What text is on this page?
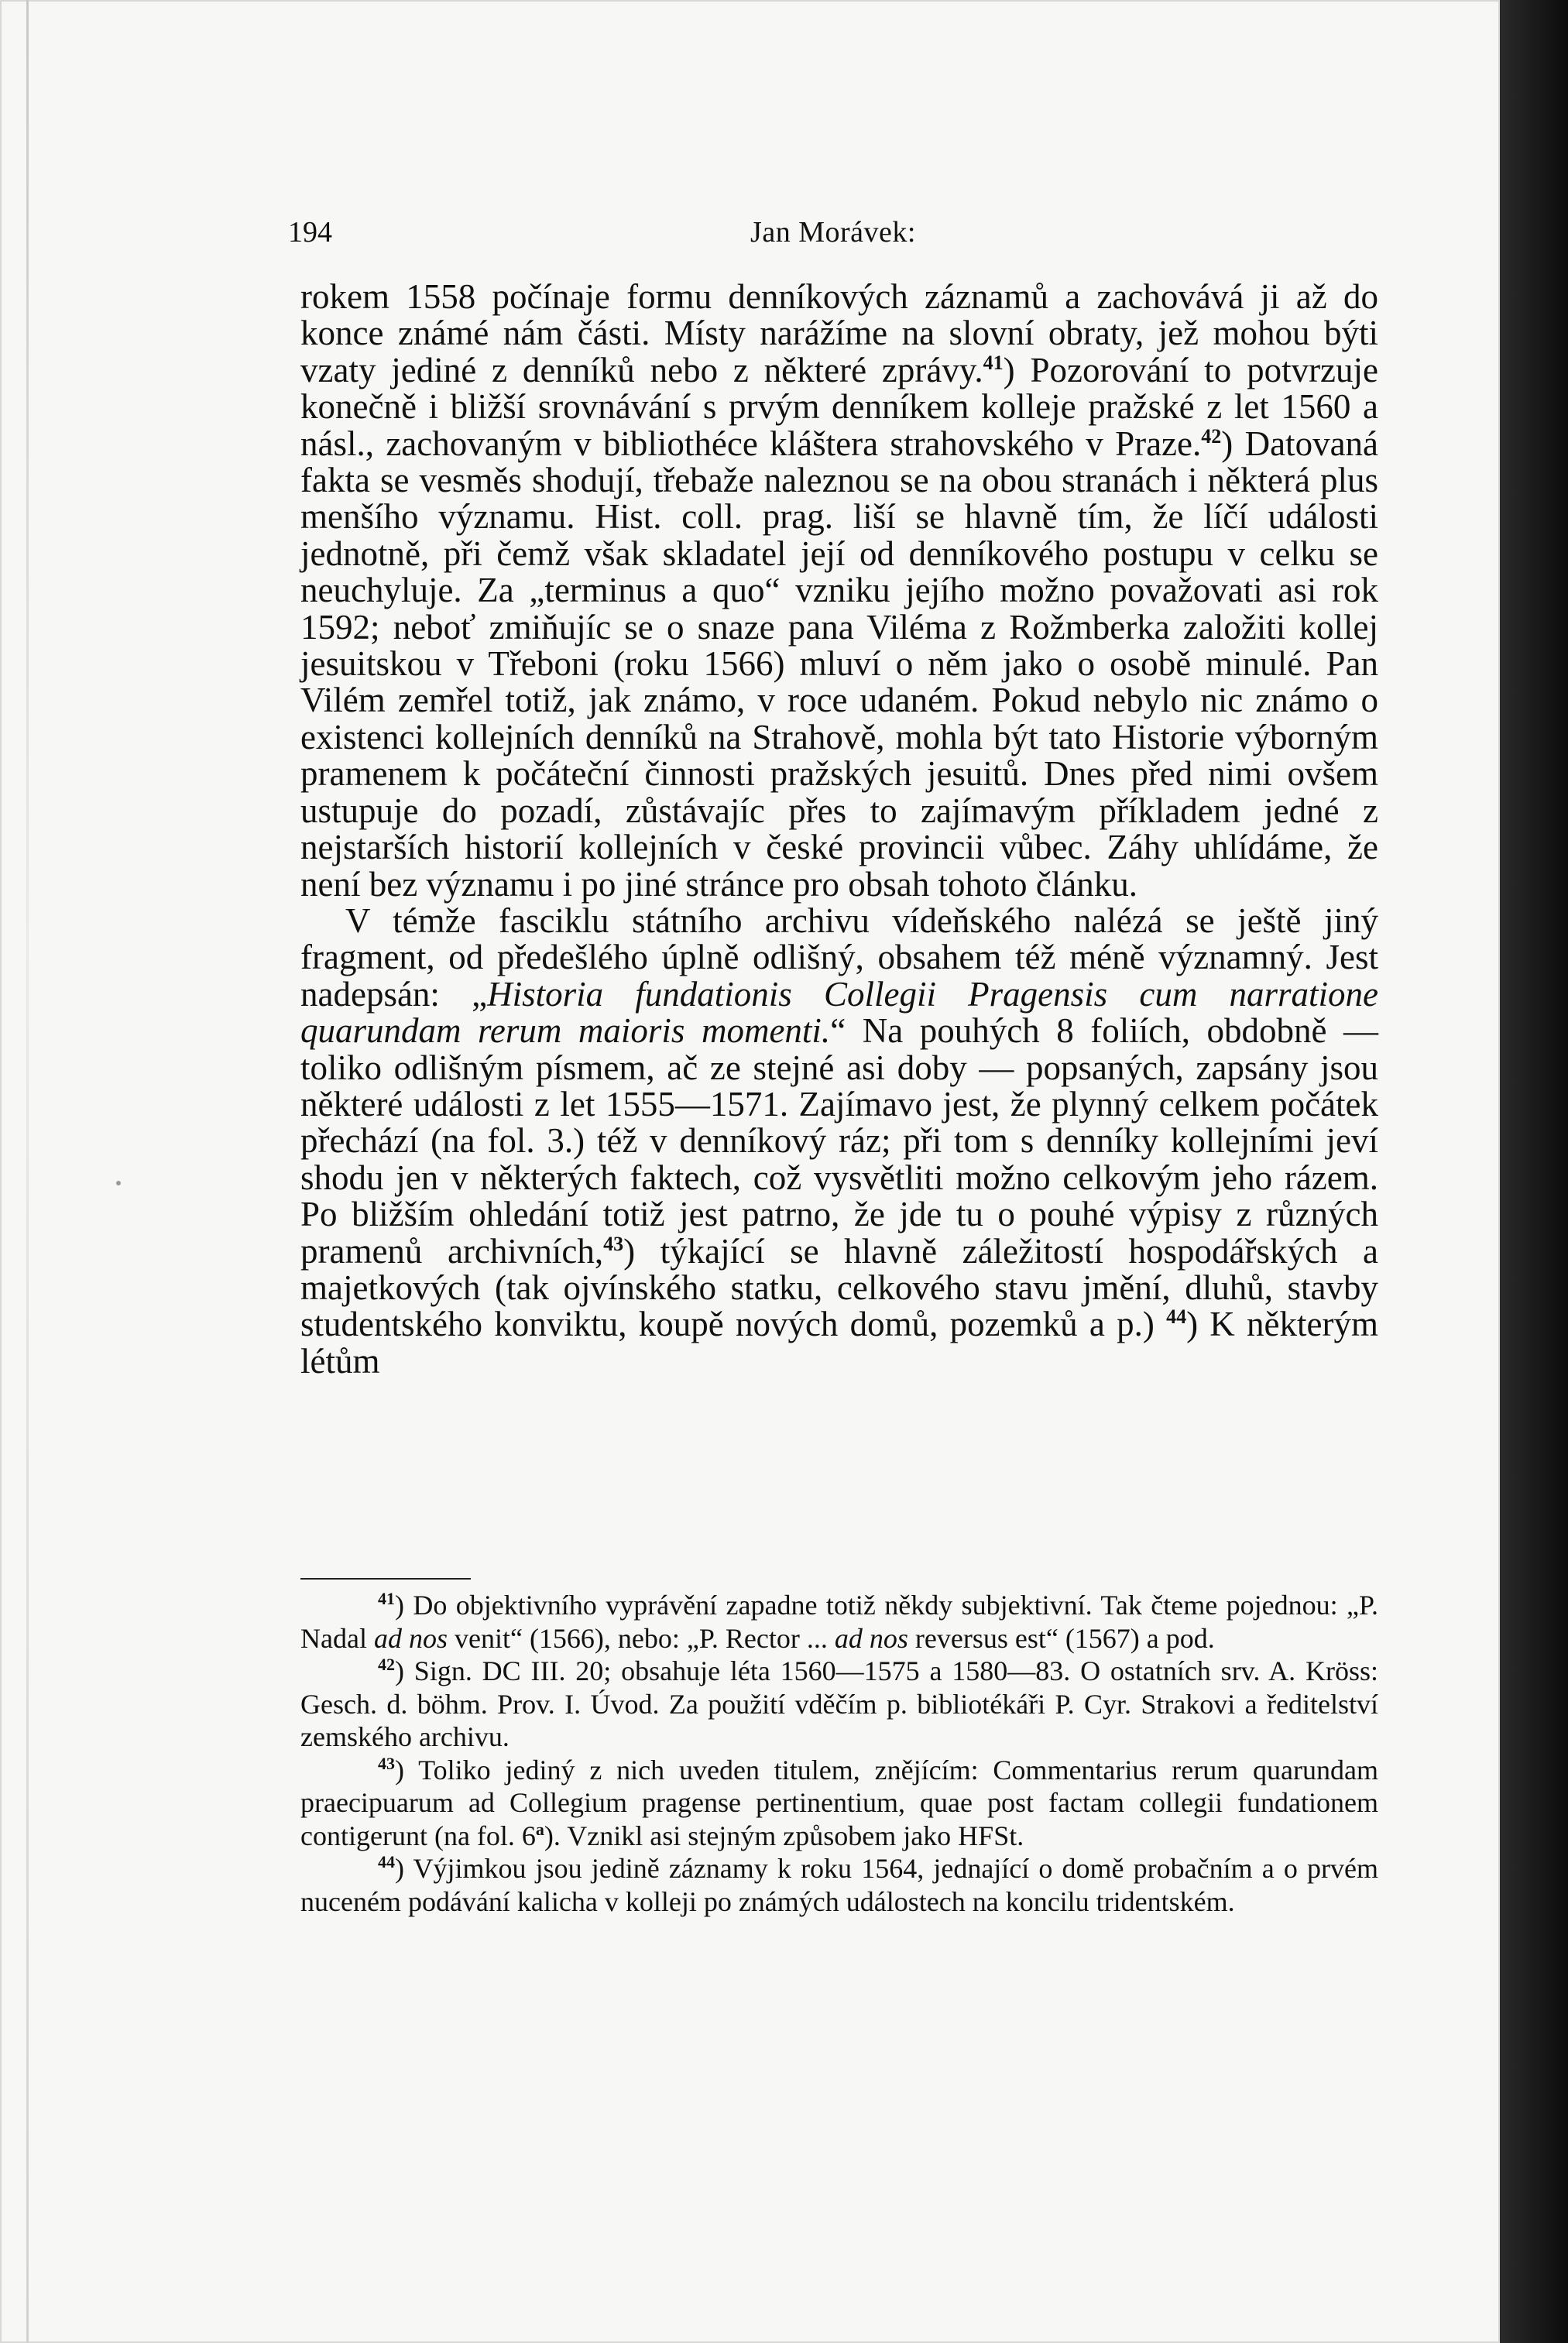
194	Jan Morávek:

rokem 1558 počínaje formu denníkových záznamů a zachovává ji až do konce známé nám části. Místy narážíme na slovní obraty, jež mohou býti vzaty jediné z denníků nebo z některé zprávy.$^{41}$) Pozorování to potvrzuje konečně i bližší srovnávání s prvým denníkem kolleje pražské z let 1560 a násl., zachovaným v bibliothéce kláštera strahovského v Praze.$^{42}$) Datovaná fakta se vesměs shodují, třebaže naleznou se na obou stranách i některá plus menšího významu. Hist. coll. prag. liší se hlavně tím, že líčí události jednotně, při čemž však skladatel její od denníkového postupu v celku se neuchyluje. Za „terminus a quo“ vzniku jejího možno považovati asi rok 1592; neboť zmiňujíc se o snaze pana Viléma z Rožmberka založiti kollej jesuitskou v Třeboni (roku 1566) mluví o něm jako o osobě minulé. Pan Vilém zemřel totiž, jak známo, v roce udaném. Pokud nebylo nic známo o existenci kollejních denníků na Strahově, mohla být tato Historie výborným pramenem k počáteční činnosti pražských jesuitů. Dnes před nimi ovšem ustupuje do pozadí, zůstávajíc přes to zajímavým příkladem jedné z nejstarších historií kollejních v české provincii vůbec. Záhy uhlídáme, že není bez významu i po jiné stránce pro obsah tohoto článku.

V témže fasciklu státního archivu vídeňského nalézá se ještě jiný fragment, od předešlého úplně odlišný, obsahem též méně významný. Jest nadepsán: „Historia fundationis Collegii Pragensis cum narratione quarundam rerum maioris momenti.“ Na pouhých 8 foliích, obdobně — toliko odlišným písmem, ač ze stejné asi doby — popsaných, zapsány jsou některé události z let 1555—1571. Zajímavo jest, že plynný celkem počátek přechází (na fol. 3.) též v denníkový ráz; při tom s denníky kollejními jeví shodu jen v některých faktech, což vysvětliti možno celkovým jeho rázem. Po bližším ohledání totiž jest patrno, že jde tu o pouhé výpisy z různých pramenů archivních,$^{43}$) týkající se hlavně záležitostí hospodářských a majetkových (tak ojvínského statku, celkového stavu jmění, dluhů, stavby studentského konviktu, koupě nových domů, pozemků a p.) $^{44}$) K některým létům

$^{41}$) Do objektivního vyprávění zapadne totiž někdy subjektivní. Tak čteme pojednou: „P. Nadal ad nos venit“ (1566), nebo: „P. Rector ... ad nos reversus est“ (1567) a pod.

$^{42}$) Sign. DC III. 20; obsahuje léta 1560—1575 a 1580—83. O ostatních srv. A. Kröss: Gesch. d. böhm. Prov. I. Úvod. Za použití vděčím p. bibliotékáři P. Cyr. Strakovi a ředitelství zemského archivu.

$^{43}$) Toliko jediný z nich uveden titulem, znějícím: Commentarius rerum quarundam praecipuarum ad Collegium pragense pertinentium, quae post factam collegii fundationem contigerunt (na fol. 6$^a$). Vznikl asi stejným způsobem jako HFSt.

$^{44}$) Výjimkou jsou jedině záznamy k roku 1564, jednající o domě probačním a o prvém nuceném podávání kalicha v kolleji po známých událostech na koncilu tridentském.
